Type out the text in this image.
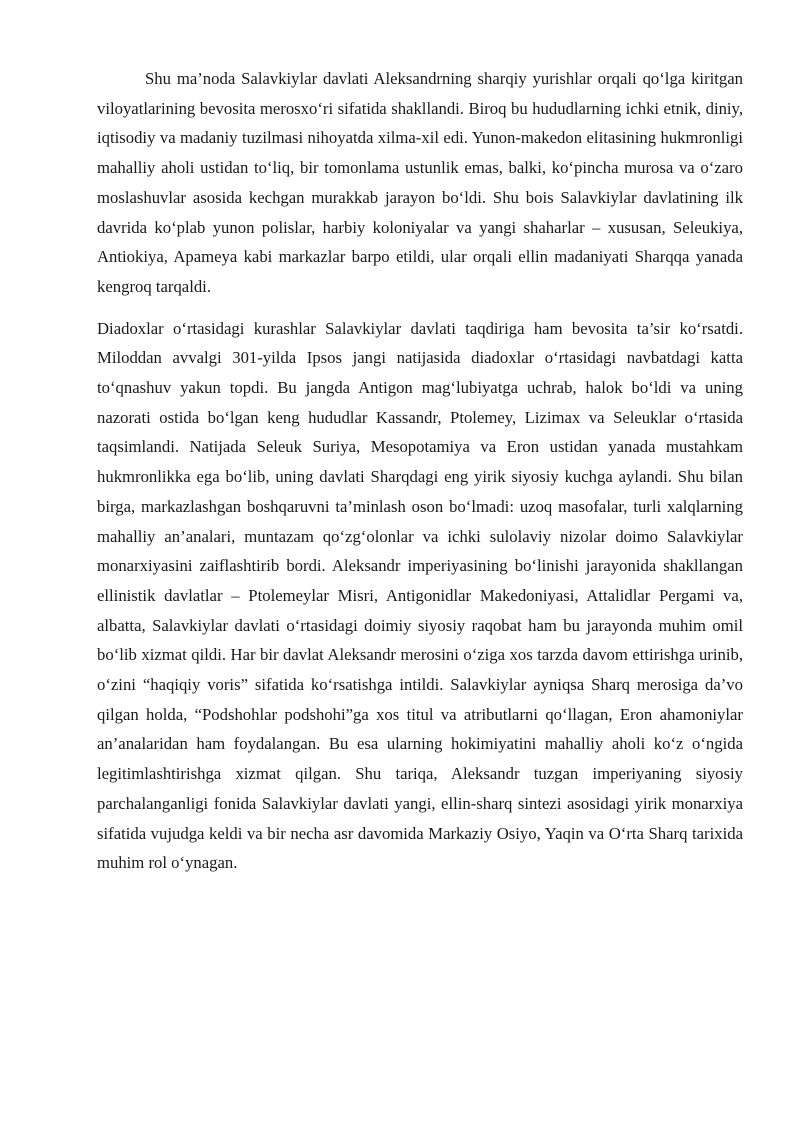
Shu ma’noda Salavkiylar davlati Aleksandrning sharqiy yurishlar orqali qo‘lga kiritgan viloyatlarining bevosita merosxo‘ri sifatida shakllandi. Biroq bu hududlarning ichki etnik, diniy, iqtisodiy va madaniy tuzilmasi nihoyatda xilma-xil edi. Yunon-makedon elitasining hukmronligi mahalliy aholi ustidan to‘liq, bir tomonlama ustunlik emas, balki, ko‘pincha murosa va o‘zaro moslashuvlar asosida kechgan murakkab jarayon bo‘ldi. Shu bois Salavkiylar davlatining ilk davrida ko‘plab yunon polislar, harbiy koloniyalar va yangi shaharlar – xususan, Seleukiya, Antiokiya, Apameya kabi markazlar barpo etildi, ular orqali ellin madaniyati Sharqqa yanada kengroq tarqaldi.

Diadoxlar o‘rtasidagi kurashlar Salavkiylar davlati taqdiriga ham bevosita ta’sir ko‘rsatdi. Miloddan avvalgi 301-yilda Ipsos jangi natijasida diadoxlar o‘rtasidagi navbatdagi katta to‘qnashuv yakun topdi. Bu jangda Antigon mag‘lubiyatga uchrab, halok bo‘ldi va uning nazorati ostida bo‘lgan keng hududlar Kassandr, Ptolemey, Lizimax va Seleuklar o‘rtasida taqsimlandi. Natijada Seleuk Suriya, Mesopotamiya va Eron ustidan yanada mustahkam hukmronlikka ega bo‘lib, uning davlati Sharqdagi eng yirik siyosiy kuchga aylandi. Shu bilan birga, markazlashgan boshqaruvni ta’minlash oson bo‘lmadi: uzoq masofalar, turli xalqlarning mahalliy an’analari, muntazam qo‘zg‘olonlar va ichki sulolaviy nizolar doimo Salavkiylar monarxiyasini zaiflashtirib bordi. Aleksandr imperiyasining bo‘linishi jarayonida shakllangan ellinistik davlatlar – Ptolemeylar Misri, Antigonidlar Makedoniyasi, Attalidlar Pergami va, albatta, Salavkiylar davlati o‘rtasidagi doimiy siyosiy raqobat ham bu jarayonda muhim omil bo‘lib xizmat qildi. Har bir davlat Aleksandr merosini o‘ziga xos tarzda davom ettirishga urinib, o‘zini “haqiqiy voris” sifatida ko‘rsatishga intildi. Salavkiylar ayniqsa Sharq merosiga da’vo qilgan holda, “Podshohlar podshohi”ga xos titul va atributlarni qo‘llagan, Eron ahamoniylar an’analaridan ham foydalangan. Bu esa ularning hokimiyatini mahalliy aholi ko‘z o‘ngida legitimlashtirishga xizmat qilgan. Shu tariqa, Aleksandr tuzgan imperiyaning siyosiy parchalanganligi fonida Salavkiylar davlati yangi, ellin-sharq sintezi asosidagi yirik monarxiya sifatida vujudga keldi va bir necha asr davomida Markaziy Osiyo, Yaqin va O‘rta Sharq tarixida muhim rol o‘ynagan.
